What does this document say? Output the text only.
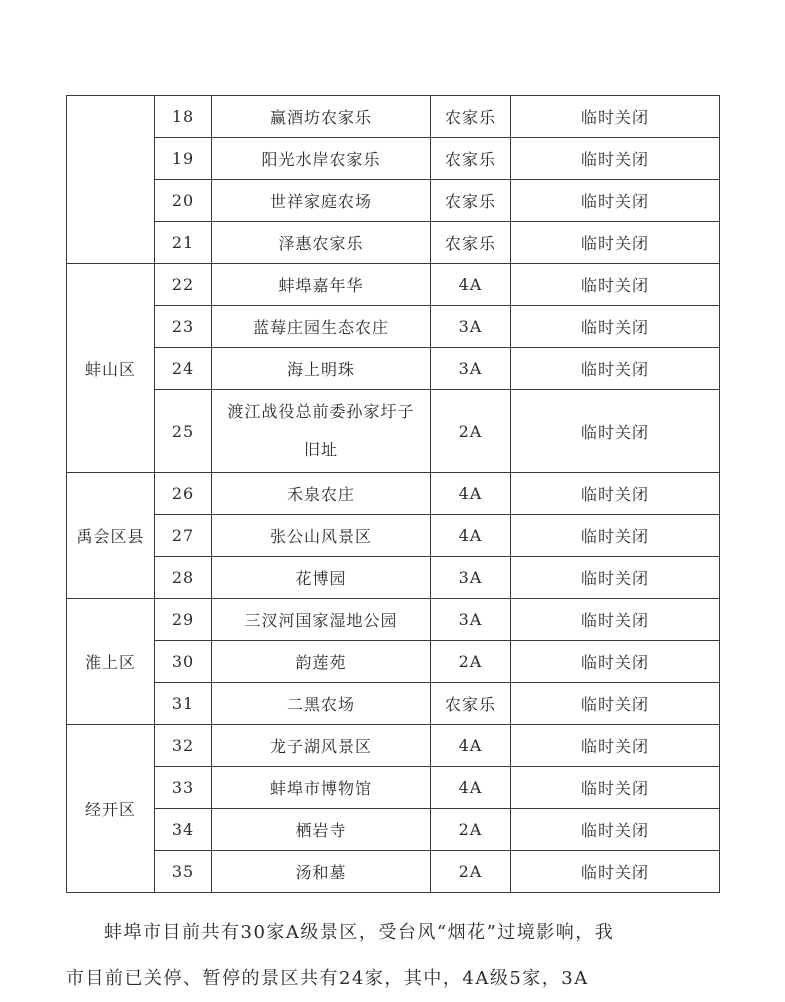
	18	赢酒坊农家乐	农家乐	临时关闭
	19	阳光水岸农家乐	农家乐	临时关闭
	20	世祥家庭农场	农家乐	临时关闭
	21	泽惠农家乐	农家乐	临时关闭
蚌山区	22	蚌埠嘉年华	4A	临时关闭
	23	蓝莓庄园生态农庄	3A	临时关闭
	24	海上明珠	3A	临时关闭
	25	渡江战役总前委孙家圩子旧址	2A	临时关闭
禹会区县	26	禾泉农庄	4A	临时关闭
	27	张公山风景区	4A	临时关闭
	28	花博园	3A	临时关闭
淮上区	29	三汊河国家湿地公园	3A	临时关闭
	30	韵莲苑	2A	临时关闭
	31	二黑农场	农家乐	临时关闭
经开区	32	龙子湖风景区	4A	临时关闭
	33	蚌埠市博物馆	4A	临时关闭
	34	栖岩寺	2A	临时关闭
	35	汤和墓	2A	临时关闭
蚌埠市目前共有30家A级景区，受台风“烟花”过境影响，我
市目前已关停、暂停的景区共有24家，其中，4A级5家，3A
